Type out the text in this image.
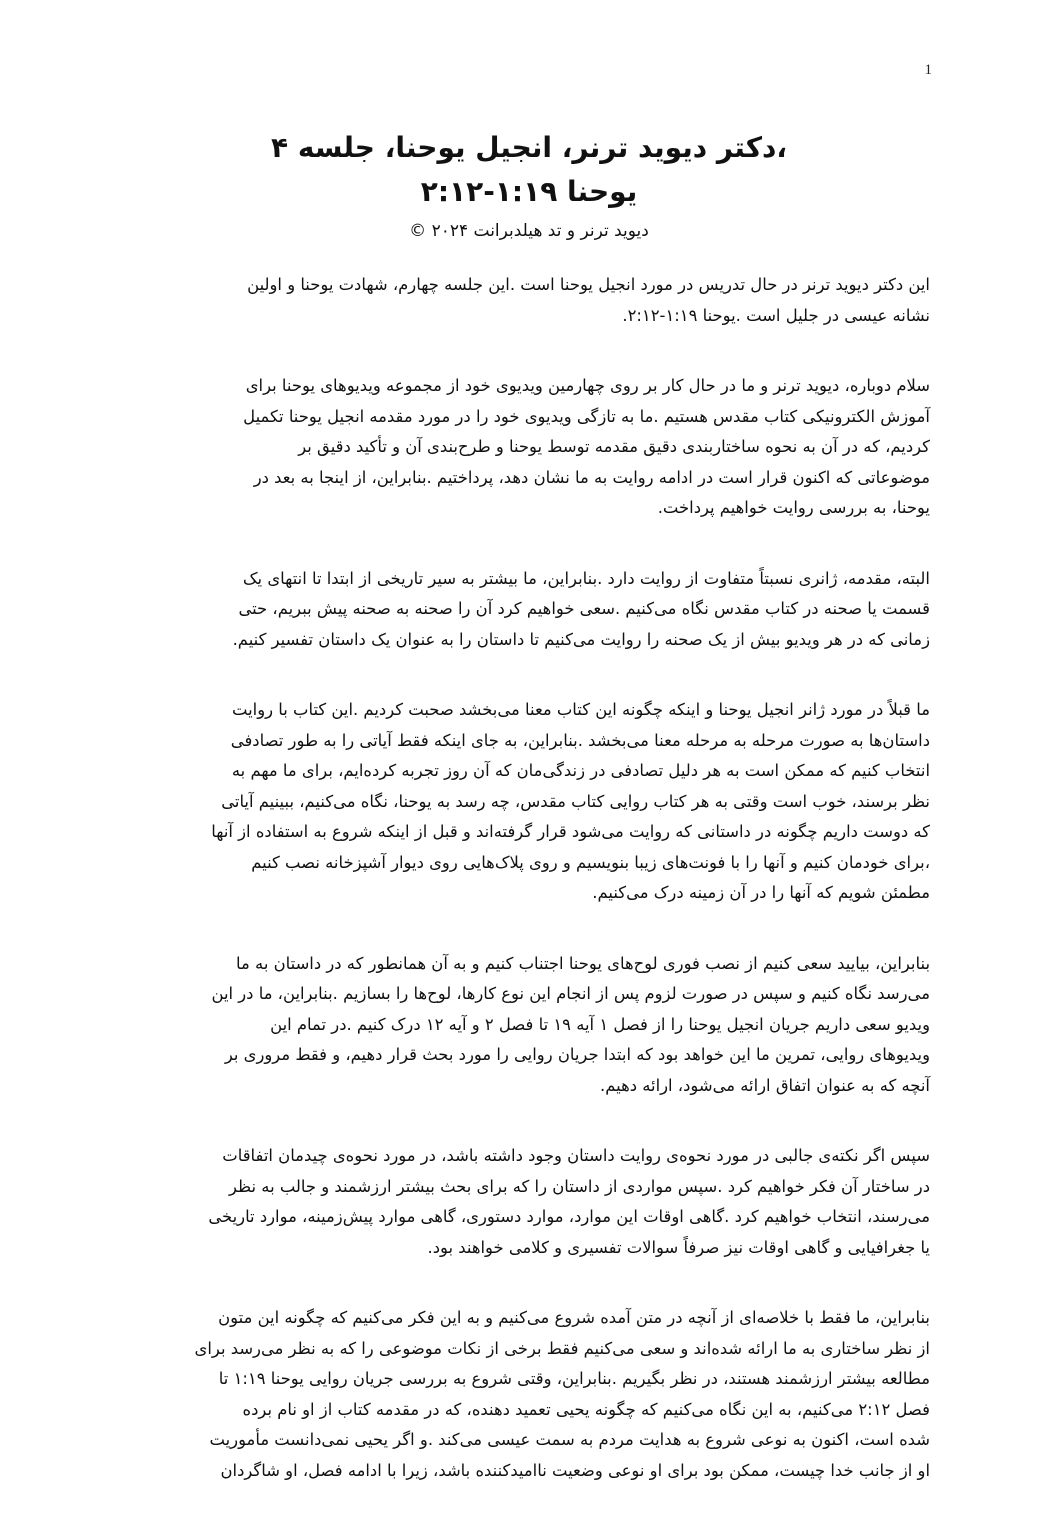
1
،دکتر دیوید ترنر، انجیل یوحنا، جلسه ۴
یوحنا ۱:۱۹-۲:۱۲
دیوید ترنر و تد هیلدبرانت ۲۰۲۴ ©
این دکتر دیوید ترنر در حال تدریس در مورد انجیل یوحنا است .این جلسه چهارم، شهادت یوحنا و اولین
نشانه عیسی در جلیل است .یوحنا ۱:۱۹-۲:۱۲.
سلام دوباره، دیوید ترنر و ما در حال کار بر روی چهارمین ویدیوی خود از مجموعه ویدیوهای یوحنا برای
آموزش الکترونیکی کتاب مقدس هستیم .ما به تازگی ویدیوی خود را در مورد مقدمه انجیل یوحنا تکمیل
کردیم، که در آن به نحوه ساختاربندی دقیق مقدمه توسط یوحنا و طرح‌بندی آن و تأکید دقیق بر
موضوعاتی که اکنون قرار است در ادامه روایت به ما نشان دهد، پرداختیم .بنابراین، از اینجا به بعد در
یوحنا، به بررسی روایت خواهیم پرداخت.
البته، مقدمه، ژانری نسبتاً متفاوت از روایت دارد .بنابراین، ما بیشتر به سیر تاریخی از ابتدا تا انتهای یک
قسمت یا صحنه در کتاب مقدس نگاه می‌کنیم .سعی خواهیم کرد آن را صحنه به صحنه پیش ببریم، حتی
زمانی که در هر ویدیو بیش از یک صحنه را روایت می‌کنیم تا داستان را به عنوان یک داستان تفسیر کنیم.
ما قبلاً در مورد ژانر انجیل یوحنا و اینکه چگونه این کتاب معنا می‌بخشد صحبت کردیم .این کتاب با روایت
داستان‌ها به صورت مرحله به مرحله معنا می‌بخشد .بنابراین، به جای اینکه فقط آیاتی را به طور تصادفی
انتخاب کنیم که ممکن است به هر دلیل تصادفی در زندگی‌مان که آن روز تجربه کرده‌ایم، برای ما مهم به
نظر برسند، خوب است وقتی به هر کتاب روایی کتاب مقدس، چه رسد به یوحنا، نگاه می‌کنیم، ببینیم آیاتی
که دوست داریم چگونه در داستانی که روایت می‌شود قرار گرفته‌اند و قبل از اینکه شروع به استفاده از آنها
،برای خودمان کنیم و آنها را با فونت‌های زیبا بنویسیم و روی پلاک‌هایی روی دیوار آشپزخانه نصب کنیم
مطمئن شویم که آنها را در آن زمینه درک می‌کنیم.
بنابراین، بیایید سعی کنیم از نصب فوری لوح‌های یوحنا اجتناب کنیم و به آن همانطور که در داستان به ما
می‌رسد نگاه کنیم و سپس در صورت لزوم پس از انجام این نوع کارها، لوح‌ها را بسازیم .بنابراین، ما در این
ویدیو سعی داریم جریان انجیل یوحنا را از فصل ۱ آیه ۱۹ تا فصل ۲ و آیه ۱۲ درک کنیم .در تمام این
ویدیوهای روایی، تمرین ما این خواهد بود که ابتدا جریان روایی را مورد بحث قرار دهیم، و فقط مروری بر
آنچه که به عنوان اتفاق ارائه می‌شود، ارائه دهیم.
سپس اگر نکته‌ی جالبی در مورد نحوه‌ی روایت داستان وجود داشته باشد، در مورد نحوه‌ی چیدمان اتفاقات
در ساختار آن فکر خواهیم کرد .سپس مواردی از داستان را که برای بحث بیشتر ارزشمند و جالب به نظر
می‌رسند، انتخاب خواهیم کرد .گاهی اوقات این موارد، موارد دستوری، گاهی موارد پیش‌زمینه، موارد تاریخی
یا جغرافیایی و گاهی اوقات نیز صرفاً سوالات تفسیری و کلامی خواهند بود.
بنابراین، ما فقط با خلاصه‌ای از آنچه در متن آمده شروع می‌کنیم و به این فکر می‌کنیم که چگونه این متون
از نظر ساختاری به ما ارائه شده‌اند و سعی می‌کنیم فقط برخی از نکات موضوعی را که به نظر می‌رسد برای
مطالعه بیشتر ارزشمند هستند، در نظر بگیریم .بنابراین، وقتی شروع به بررسی جریان روایی یوحنا ۱:۱۹ تا
فصل ۲:۱۲ می‌کنیم، به این نگاه می‌کنیم که چگونه یحیی تعمید دهنده، که در مقدمه کتاب از او نام برده
شده است، اکنون به نوعی شروع به هدایت مردم به سمت عیسی می‌کند .و اگر یحیی نمی‌دانست مأموریت
او از جانب خدا چیست، ممکن بود برای او نوعی وضعیت ناامیدکننده باشد، زیرا با ادامه فصل، او شاگردان
